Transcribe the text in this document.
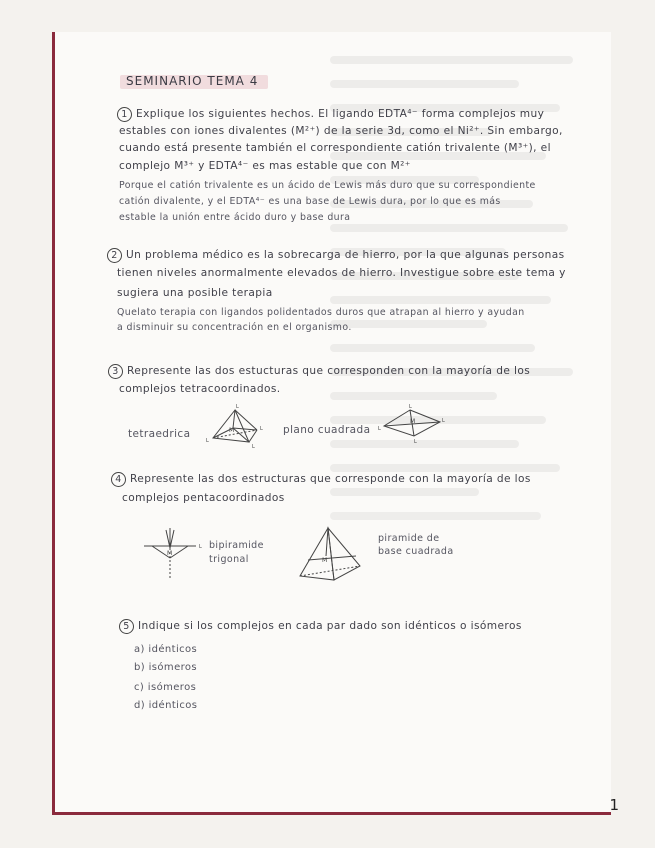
SEMINARIO TEMA 4
1 Explique los siguientes hechos. El ligando EDTA⁴⁻ forma complejos muy
estables con iones divalentes (M²⁺) de la serie 3d, como el Ni²⁺. Sin embargo,
cuando está presente también el correspondiente catión trivalente (M³⁺), el
complejo M³⁺ y EDTA⁴⁻ es mas estable que con M²⁺
Porque el catión trivalente es un ácido de Lewis más duro que su correspondiente
catión divalente, y el EDTA⁴⁻ es una base de Lewis dura, por lo que es más
estable la unión entre ácido duro y base dura
2 Un problema médico es la sobrecarga de hierro, por la que algunas personas
tienen niveles anormalmente elevados de hierro. Investigue sobre este tema y
sugiera una posible terapia
Quelato terapia con ligandos polidentados duros que atrapan al hierro y ayudan
a disminuir su concentración en el organismo.
3 Represente las dos estucturas que corresponden con la mayoría de los
complejos tetracoordinados.
tetraedrica	plano cuadrada
M
L
L
L
L
M
L
L
L
L
4 Represente las dos estructuras que corresponde con la mayoría de los
complejos pentacoordinados
M
L bipiramide
trigonal	M
piramide de
base cuadrada
5 Indique si los complejos en cada par dado son idénticos o isómeros
a) idénticos
b) isómeros
c) isómeros
d) idénticos
1
